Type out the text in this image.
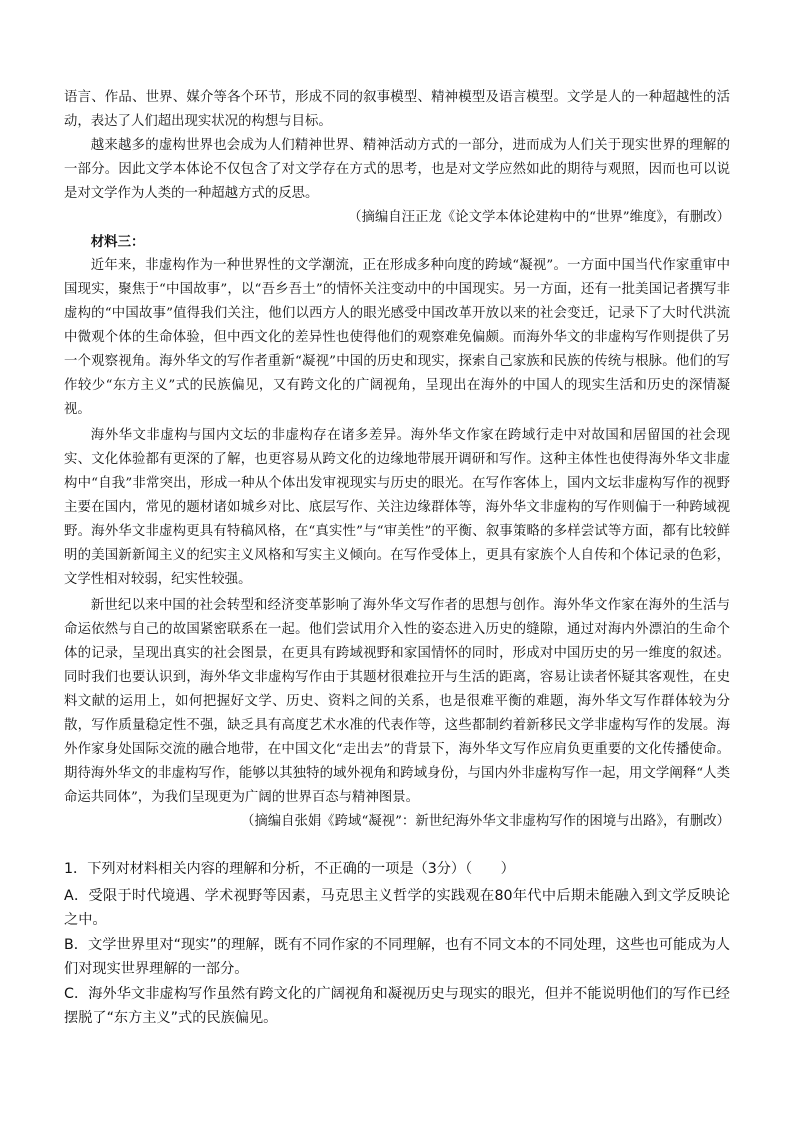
语言、作品、世界、媒介等各个环节，形成不同的叙事模型、精神模型及语言模型。文学是人的一种超越性的活动，表达了人们超出现实状况的构想与目标。

越来越多的虚构世界也会成为人们精神世界、精神活动方式的一部分，进而成为人们关于现实世界的理解的一部分。因此文学本体论不仅包含了对文学存在方式的思考，也是对文学应然如此的期待与观照，因而也可以说是对文学作为人类的一种超越方式的反思。

（摘编自汪正龙《论文学本体论建构中的“世界”维度》，有删改）

材料三：

近年来，非虚构作为一种世界性的文学潮流，正在形成多种向度的跨域“凝视”。一方面中国当代作家重审中国现实，聚焦于“中国故事”，以“吾乡吾土”的情怀关注变动中的中国现实。另一方面，还有一批美国记者撰写非虚构的“中国故事”值得我们关注，他们以西方人的眼光感受中国改革开放以来的社会变迁，记录下了大时代洪流中微观个体的生命体验，但中西文化的差异性也使得他们的观察难免偏颇。而海外华文的非虚构写作则提供了另一个观察视角。海外华文的写作者重新“凝视”中国的历史和现实，探索自己家族和民族的传统与根脉。他们的写作较少“东方主义”式的民族偏见，又有跨文化的广阔视角，呈现出在海外的中国人的现实生活和历史的深情凝视。

海外华文非虚构与国内文坛的非虚构存在诸多差异。海外华文作家在跨域行走中对故国和居留国的社会现实、文化体验都有更深的了解，也更容易从跨文化的边缘地带展开调研和写作。这种主体性也使得海外华文非虚构中“自我”非常突出，形成一种从个体出发审视现实与历史的眼光。在写作客体上，国内文坛非虚构写作的视野主要在国内，常见的题材诸如城乡对比、底层写作、关注边缘群体等，海外华文非虚构的写作则偏于一种跨域视野。海外华文非虚构更具有特稿风格，在“真实性”与“审美性”的平衡、叙事策略的多样尝试等方面，都有比较鲜明的美国新新闻主义的纪实主义风格和写实主义倾向。在写作受体上，更具有家族个人自传和个体记录的色彩，文学性相对较弱，纪实性较强。

新世纪以来中国的社会转型和经济变革影响了海外华文写作者的思想与创作。海外华文作家在海外的生活与命运依然与自己的故国紧密联系在一起。他们尝试用介入性的姿态进入历史的缝隙，通过对海内外漂泊的生命个体的记录，呈现出真实的社会图景，在更具有跨域视野和家国情怀的同时，形成对中国历史的另一维度的叙述。同时我们也要认识到，海外华文非虚构写作由于其题材很难拉开与生活的距离，容易让读者怀疑其客观性，在史料文献的运用上，如何把握好文学、历史、资料之间的关系，也是很难平衡的难题，海外华文写作群体较为分散，写作质量稳定性不强，缺乏具有高度艺术水准的代表作等，这些都制约着新移民文学非虚构写作的发展。海外作家身处国际交流的融合地带，在中国文化“走出去”的背景下，海外华文写作应肩负更重要的文化传播使命。期待海外华文的非虚构写作，能够以其独特的域外视角和跨域身份，与国内外非虚构写作一起，用文学阐释“人类命运共同体”，为我们呈现更为广阔的世界百态与精神图景。

（摘编自张娟《跨域“凝视”：新世纪海外华文非虚构写作的困境与出路》，有删改）

1．下列对材料相关内容的理解和分析，不正确的一项是（3分）（　　）

A．受限于时代境遇、学术视野等因素，马克思主义哲学的实践观在80年代中后期未能融入到文学反映论之中。

B．文学世界里对“现实”的理解，既有不同作家的不同理解，也有不同文本的不同处理，这些也可能成为人们对现实世界理解的一部分。

C．海外华文非虚构写作虽然有跨文化的广阔视角和凝视历史与现实的眼光，但并不能说明他们的写作已经摆脱了“东方主义”式的民族偏见。
